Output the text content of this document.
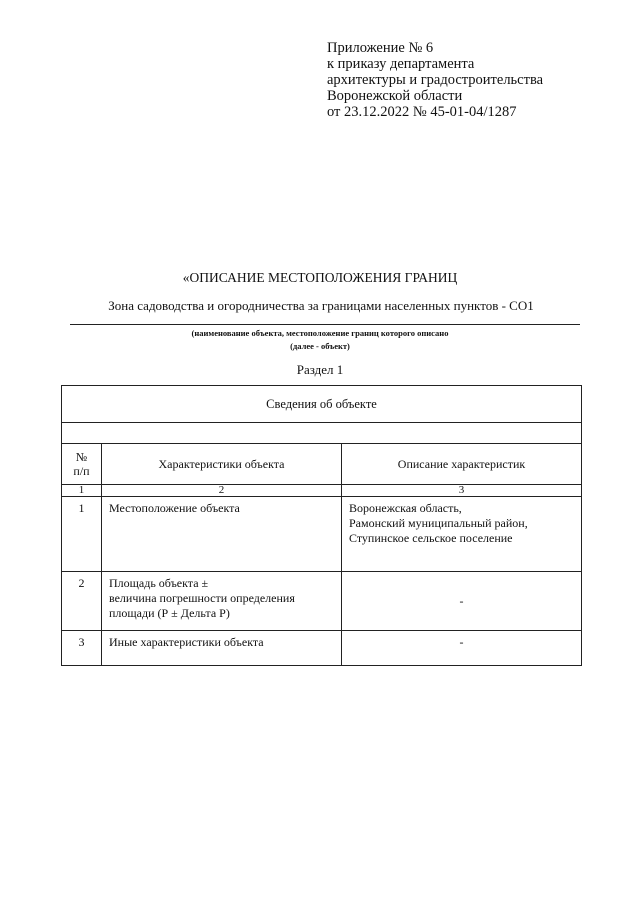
Приложение № 6
к приказу департамента
архитектуры и градостроительства
Воронежской области
от 23.12.2022 № 45-01-04/1287
«ОПИСАНИЕ МЕСТОПОЛОЖЕНИЯ ГРАНИЦ
Зона садоводства и огородничества за границами населенных пунктов - СО1
(наименование объекта, местоположение границ которого описано
(далее - объект)
Раздел 1
Сведения об объекте		

№
п/п	Характеристики объекта	Описание характеристик
1	2	3
1	Местоположение объекта	Воронежская область,
Рамонский муниципальный район,
Ступинское сельское поселение
2	Площадь объекта ±
величина погрешности определения
площади (Р ± Дельта Р)	-
3	Иные характеристики объекта	-
